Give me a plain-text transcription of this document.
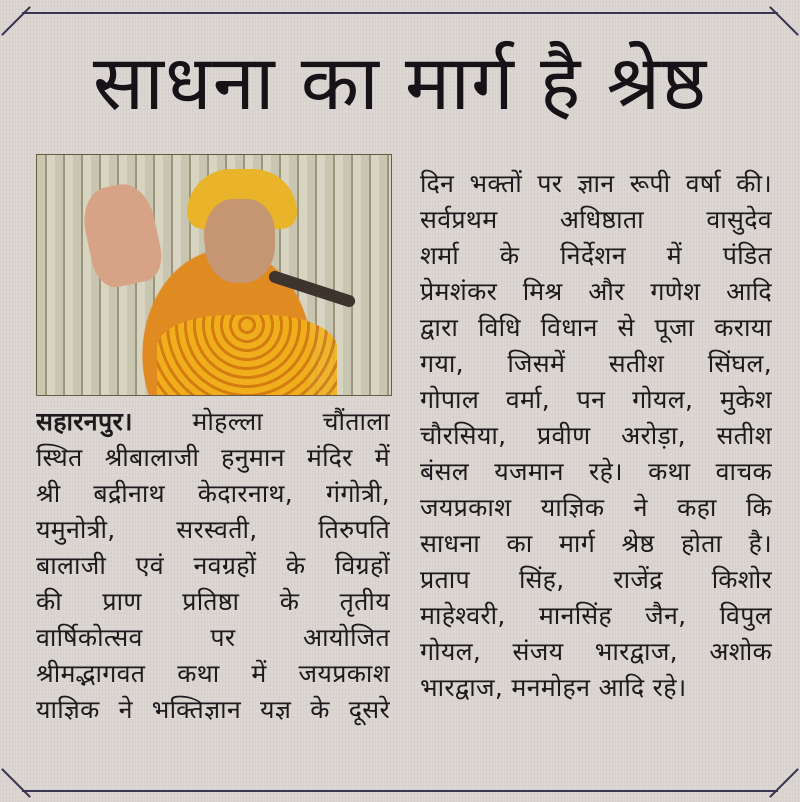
साधना का मार्ग है श्रेष्ठ
सहारनपुर। मोहल्ला चौंताला
स्थित श्रीबालाजी हनुमान मंदिर में
श्री बद्रीनाथ केदारनाथ, गंगोत्री,
यमुनोत्री, सरस्वती, तिरुपति
बालाजी एवं नवग्रहों के विग्रहों
की प्राण प्रतिष्ठा के तृतीय
वार्षिकोत्सव पर आयोजित
श्रीमद्भागवत कथा में जयप्रकाश
याज्ञिक ने भक्तिज्ञान यज्ञ के दूसरे
दिन भक्तों पर ज्ञान रूपी वर्षा की।
सर्वप्रथम अधिष्ठाता वासुदेव
शर्मा के निर्देशन में पंडित
प्रेमशंकर मिश्र और गणेश आदि
द्वारा विधि विधान से पूजा कराया
गया, जिसमें सतीश सिंघल,
गोपाल वर्मा, पन गोयल, मुकेश
चौरसिया, प्रवीण अरोड़ा, सतीश
बंसल यजमान रहे। कथा वाचक
जयप्रकाश याज्ञिक ने कहा कि
साधना का मार्ग श्रेष्ठ होता है।
प्रताप सिंह, राजेंद्र किशोर
माहेश्वरी, मानसिंह जैन, विपुल
गोयल, संजय भारद्वाज, अशोक
भारद्वाज, मनमोहन आदि रहे।
